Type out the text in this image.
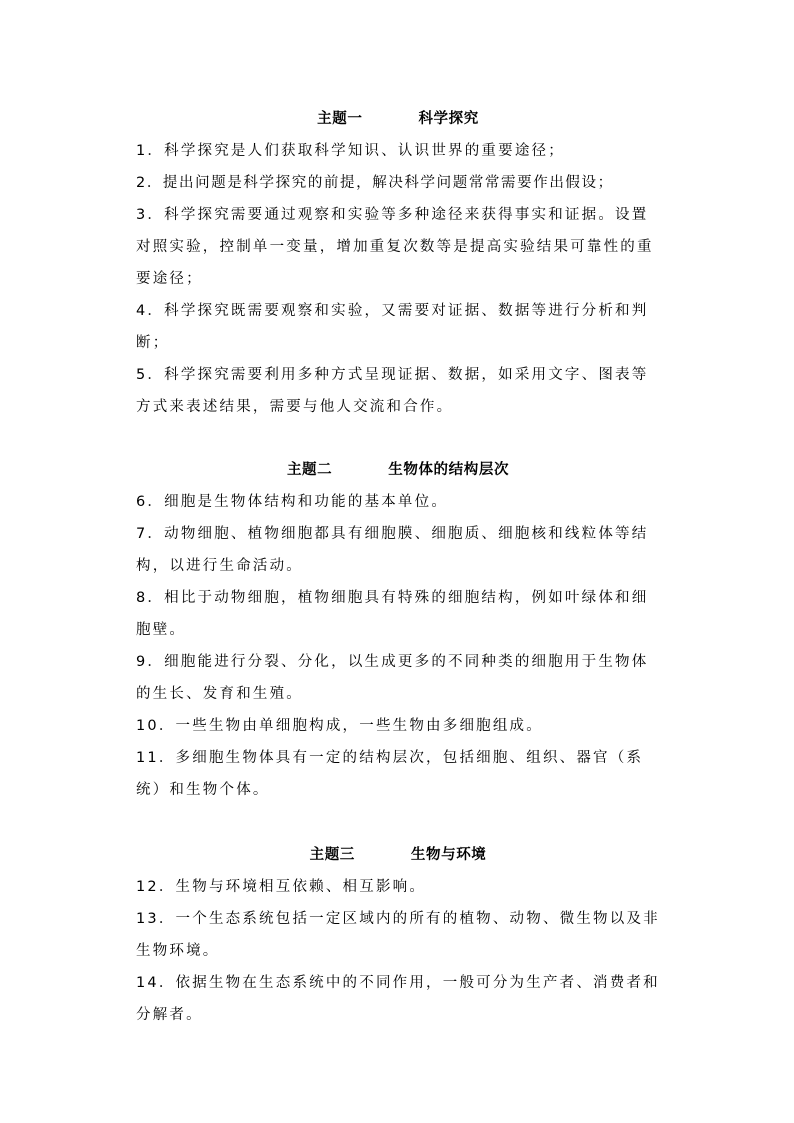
主题一	科学探究

1．科学探究是人们获取科学知识、认识世界的重要途径；

2．提出问题是科学探究的前提，解决科学问题常常需要作出假设；

3．科学探究需要通过观察和实验等多种途径来获得事实和证据。设置对照实验，控制单一变量，增加重复次数等是提高实验结果可靠性的重要途径；

4．科学探究既需要观察和实验，又需要对证据、数据等进行分析和判断；

5．科学探究需要利用多种方式呈现证据、数据，如采用文字、图表等方式来表述结果，需要与他人交流和合作。

主题二	生物体的结构层次

6．细胞是生物体结构和功能的基本单位。

7．动物细胞、植物细胞都具有细胞膜、细胞质、细胞核和线粒体等结构，以进行生命活动。

8．相比于动物细胞，植物细胞具有特殊的细胞结构，例如叶绿体和细胞壁。

9．细胞能进行分裂、分化，以生成更多的不同种类的细胞用于生物体的生长、发育和生殖。

10．一些生物由单细胞构成，一些生物由多细胞组成。

11．多细胞生物体具有一定的结构层次，包括细胞、组织、器官（系统）和生物个体。

主题三	生物与环境

12．生物与环境相互依赖、相互影响。

13．一个生态系统包括一定区域内的所有的植物、动物、微生物以及非生物环境。

14．依据生物在生态系统中的不同作用，一般可分为生产者、消费者和分解者。
